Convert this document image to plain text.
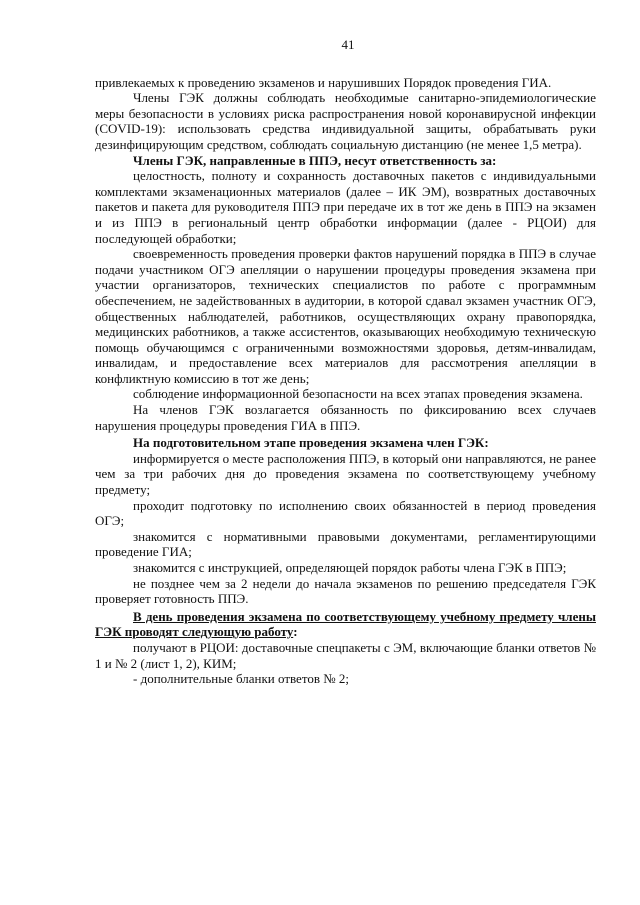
41

привлекаемых к проведению экзаменов и нарушивших Порядок проведения ГИА.

Члены ГЭК должны соблюдать необходимые санитарно-эпидемиологические меры безопасности в условиях риска распространения новой коронавирусной инфекции (COVID-19): использовать средства индивидуальной защиты, обрабатывать руки дезинфицирующим средством, соблюдать социальную дистанцию (не менее 1,5 метра).

Члены ГЭК, направленные в ППЭ, несут ответственность за:

целостность, полноту и сохранность доставочных пакетов с индивидуальными комплектами экзаменационных материалов (далее – ИК ЭМ), возвратных доставочных пакетов и пакета для руководителя ППЭ при передаче их в тот же день в ППЭ на экзамен и из ППЭ в региональный центр обработки информации (далее - РЦОИ) для последующей обработки;

своевременность проведения проверки фактов нарушений порядка в ППЭ в случае подачи участником ОГЭ апелляции о нарушении процедуры проведения экзамена при участии организаторов, технических специалистов по работе с программным обеспечением, не задействованных в аудитории, в которой сдавал экзамен участник ОГЭ, общественных наблюдателей, работников, осуществляющих охрану правопорядка, медицинских работников, а также ассистентов, оказывающих необходимую техническую помощь обучающимся с ограниченными возможностями здоровья, детям-инвалидам, инвалидам, и предоставление всех материалов для рассмотрения апелляции в конфликтную комиссию в тот же день;

соблюдение информационной безопасности на всех этапах проведения экзамена.

На членов ГЭК возлагается обязанность по фиксированию всех случаев нарушения процедуры проведения ГИА в ППЭ.

На подготовительном этапе проведения экзамена член ГЭК:

информируется о месте расположения ППЭ, в который они направляются, не ранее чем за три рабочих дня до проведения экзамена по соответствующему учебному предмету;

проходит подготовку по исполнению своих обязанностей в период проведения ОГЭ;

знакомится с нормативными правовыми документами, регламентирующими проведение ГИА;

знакомится с инструкцией, определяющей порядок работы члена ГЭК в ППЭ;

не позднее чем за 2 недели до начала экзаменов по решению председателя ГЭК проверяет готовность ППЭ.

В день проведения экзамена по соответствующему учебному предмету члены ГЭК проводят следующую работу:

получают в РЦОИ: доставочные спецпакеты с ЭМ, включающие бланки ответов № 1 и № 2 (лист 1, 2), КИМ;

- дополнительные бланки ответов № 2;
